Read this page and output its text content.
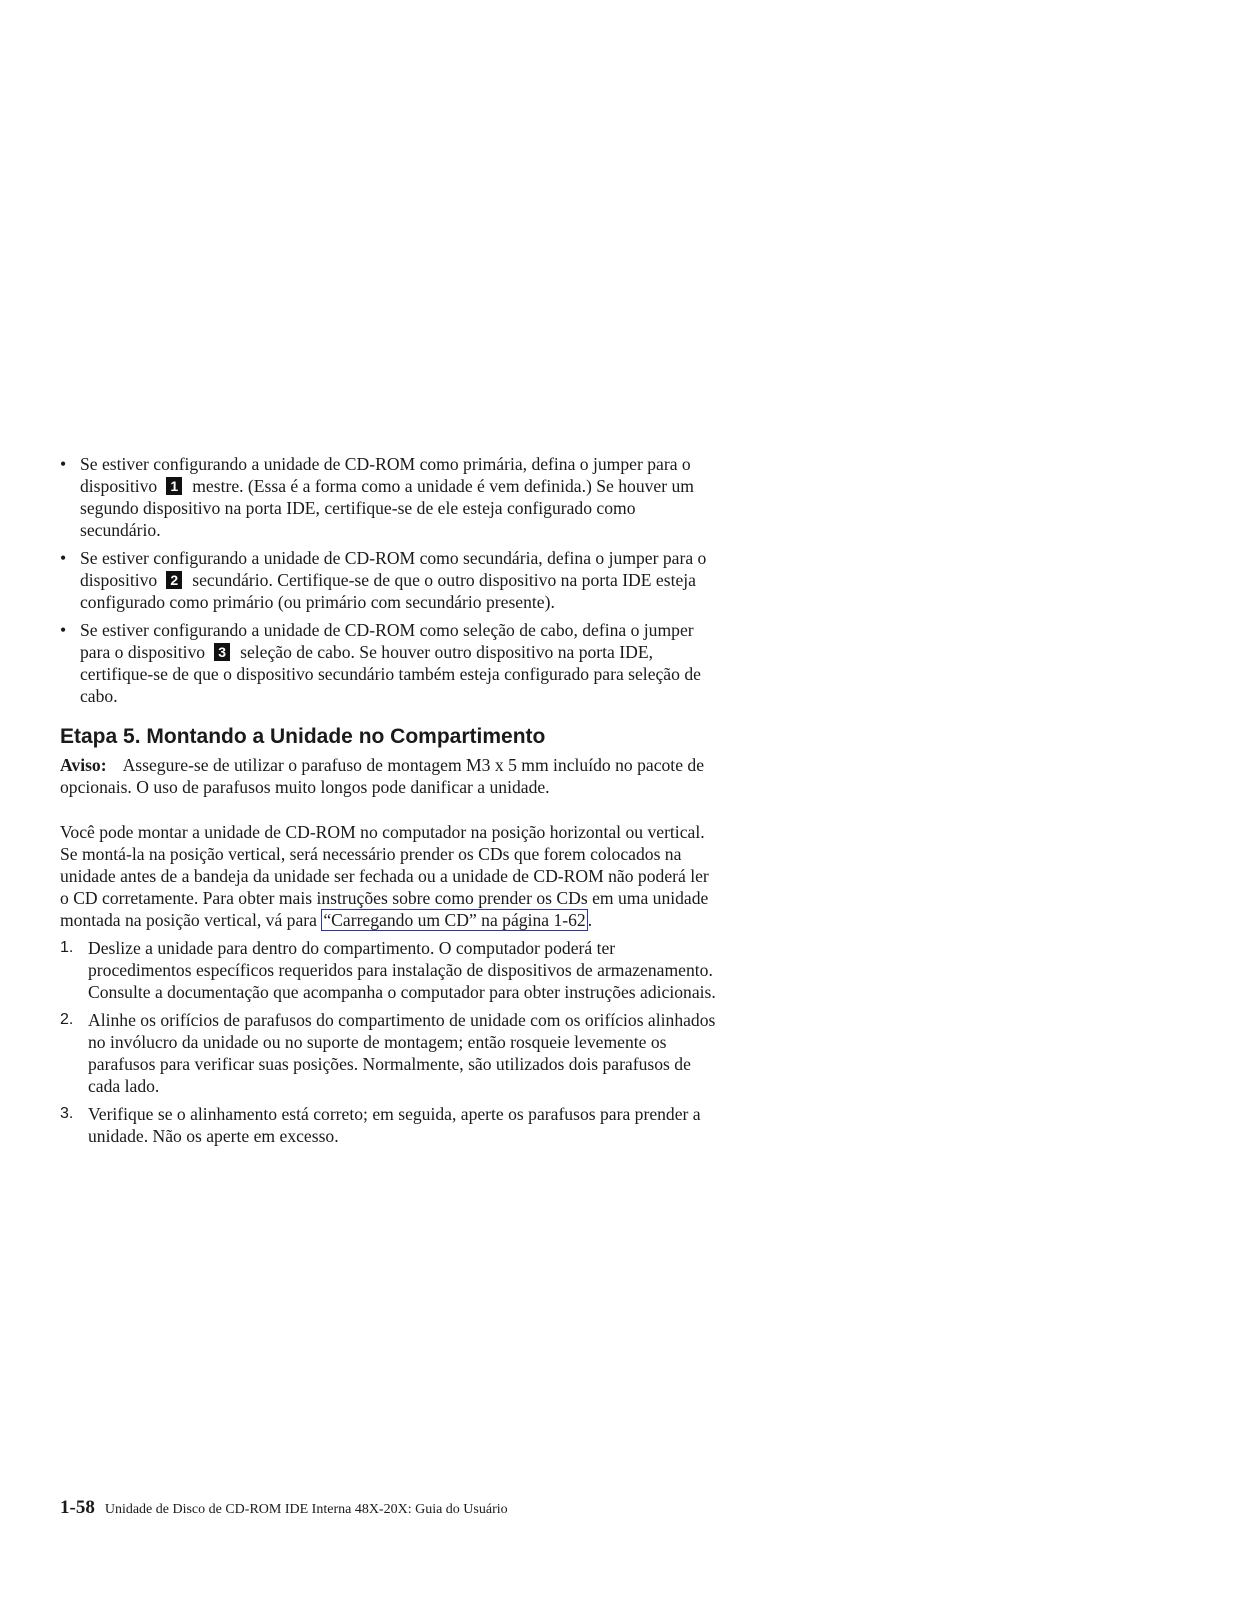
• Se estiver configurando a unidade de CD-ROM como primária, defina o jumper para o dispositivo 1 mestre. (Essa é a forma como a unidade é vem definida.) Se houver um segundo dispositivo na porta IDE, certifique-se de ele esteja configurado como secundário.
• Se estiver configurando a unidade de CD-ROM como secundária, defina o jumper para o dispositivo 2 secundário. Certifique-se de que o outro dispositivo na porta IDE esteja configurado como primário (ou primário com secundário presente).
• Se estiver configurando a unidade de CD-ROM como seleção de cabo, defina o jumper para o dispositivo 3 seleção de cabo. Se houver outro dispositivo na porta IDE, certifique-se de que o dispositivo secundário também esteja configurado para seleção de cabo.
Etapa 5. Montando a Unidade no Compartimento

Aviso: Assegure-se de utilizar o parafuso de montagem M3 x 5 mm incluído no pacote de opcionais. O uso de parafusos muito longos pode danificar a unidade.

Você pode montar a unidade de CD-ROM no computador na posição horizontal ou vertical. Se montá-la na posição vertical, será necessário prender os CDs que forem colocados na unidade antes de a bandeja da unidade ser fechada ou a unidade de CD-ROM não poderá ler o CD corretamente. Para obter mais instruções sobre como prender os CDs em uma unidade montada na posição vertical, vá para “Carregando um CD” na página 1-62 .

1. Deslize a unidade para dentro do compartimento. O computador poderá ter procedimentos específicos requeridos para instalação de dispositivos de armazenamento. Consulte a documentação que acompanha o computador para obter instruções adicionais.
2. Alinhe os orifícios de parafusos do compartimento de unidade com os orifícios alinhados no invólucro da unidade ou no suporte de montagem; então rosqueie levemente os parafusos para verificar suas posições. Normalmente, são utilizados dois parafusos de cada lado.
3. Verifique se o alinhamento está correto; em seguida, aperte os parafusos para prender a unidade. Não os aperte em excesso.
1-58 Unidade de Disco de CD-ROM IDE Interna 48X-20X: Guia do Usuário
